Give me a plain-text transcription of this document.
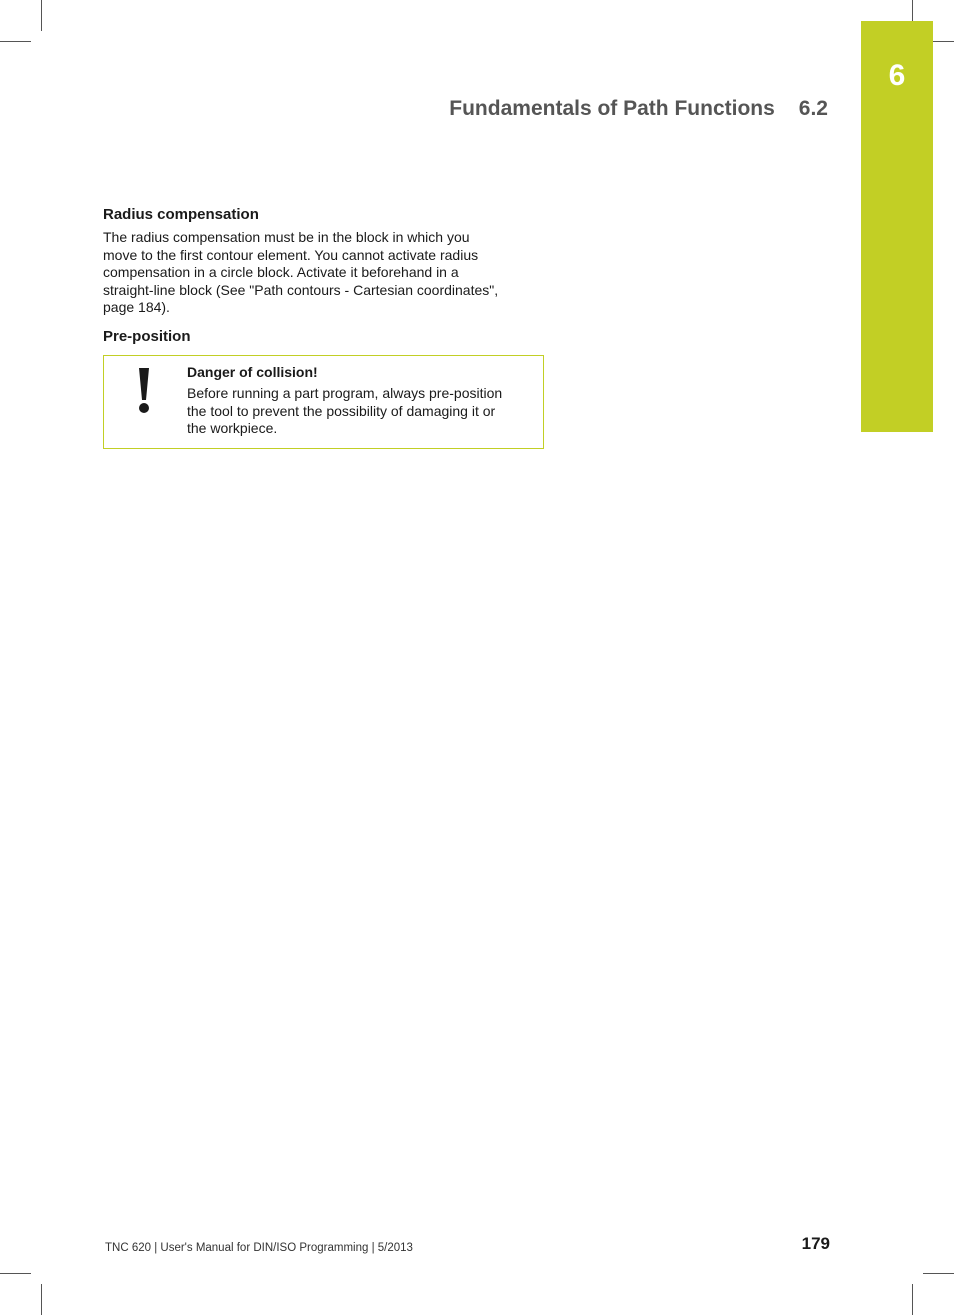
6
Fundamentals of Path Functions 6.2
Radius compensation
The radius compensation must be in the block in which you
move to the first contour element. You cannot activate radius
compensation in a circle block. Activate it beforehand in a
straight-line block (See "Path contours - Cartesian coordinates",
page 184).
Pre-position
Danger of collision!
Before running a part program, always pre-position
the tool to prevent the possibility of damaging it or
the workpiece.
TNC 620 | User's Manual for DIN/ISO Programming | 5/2013	179
